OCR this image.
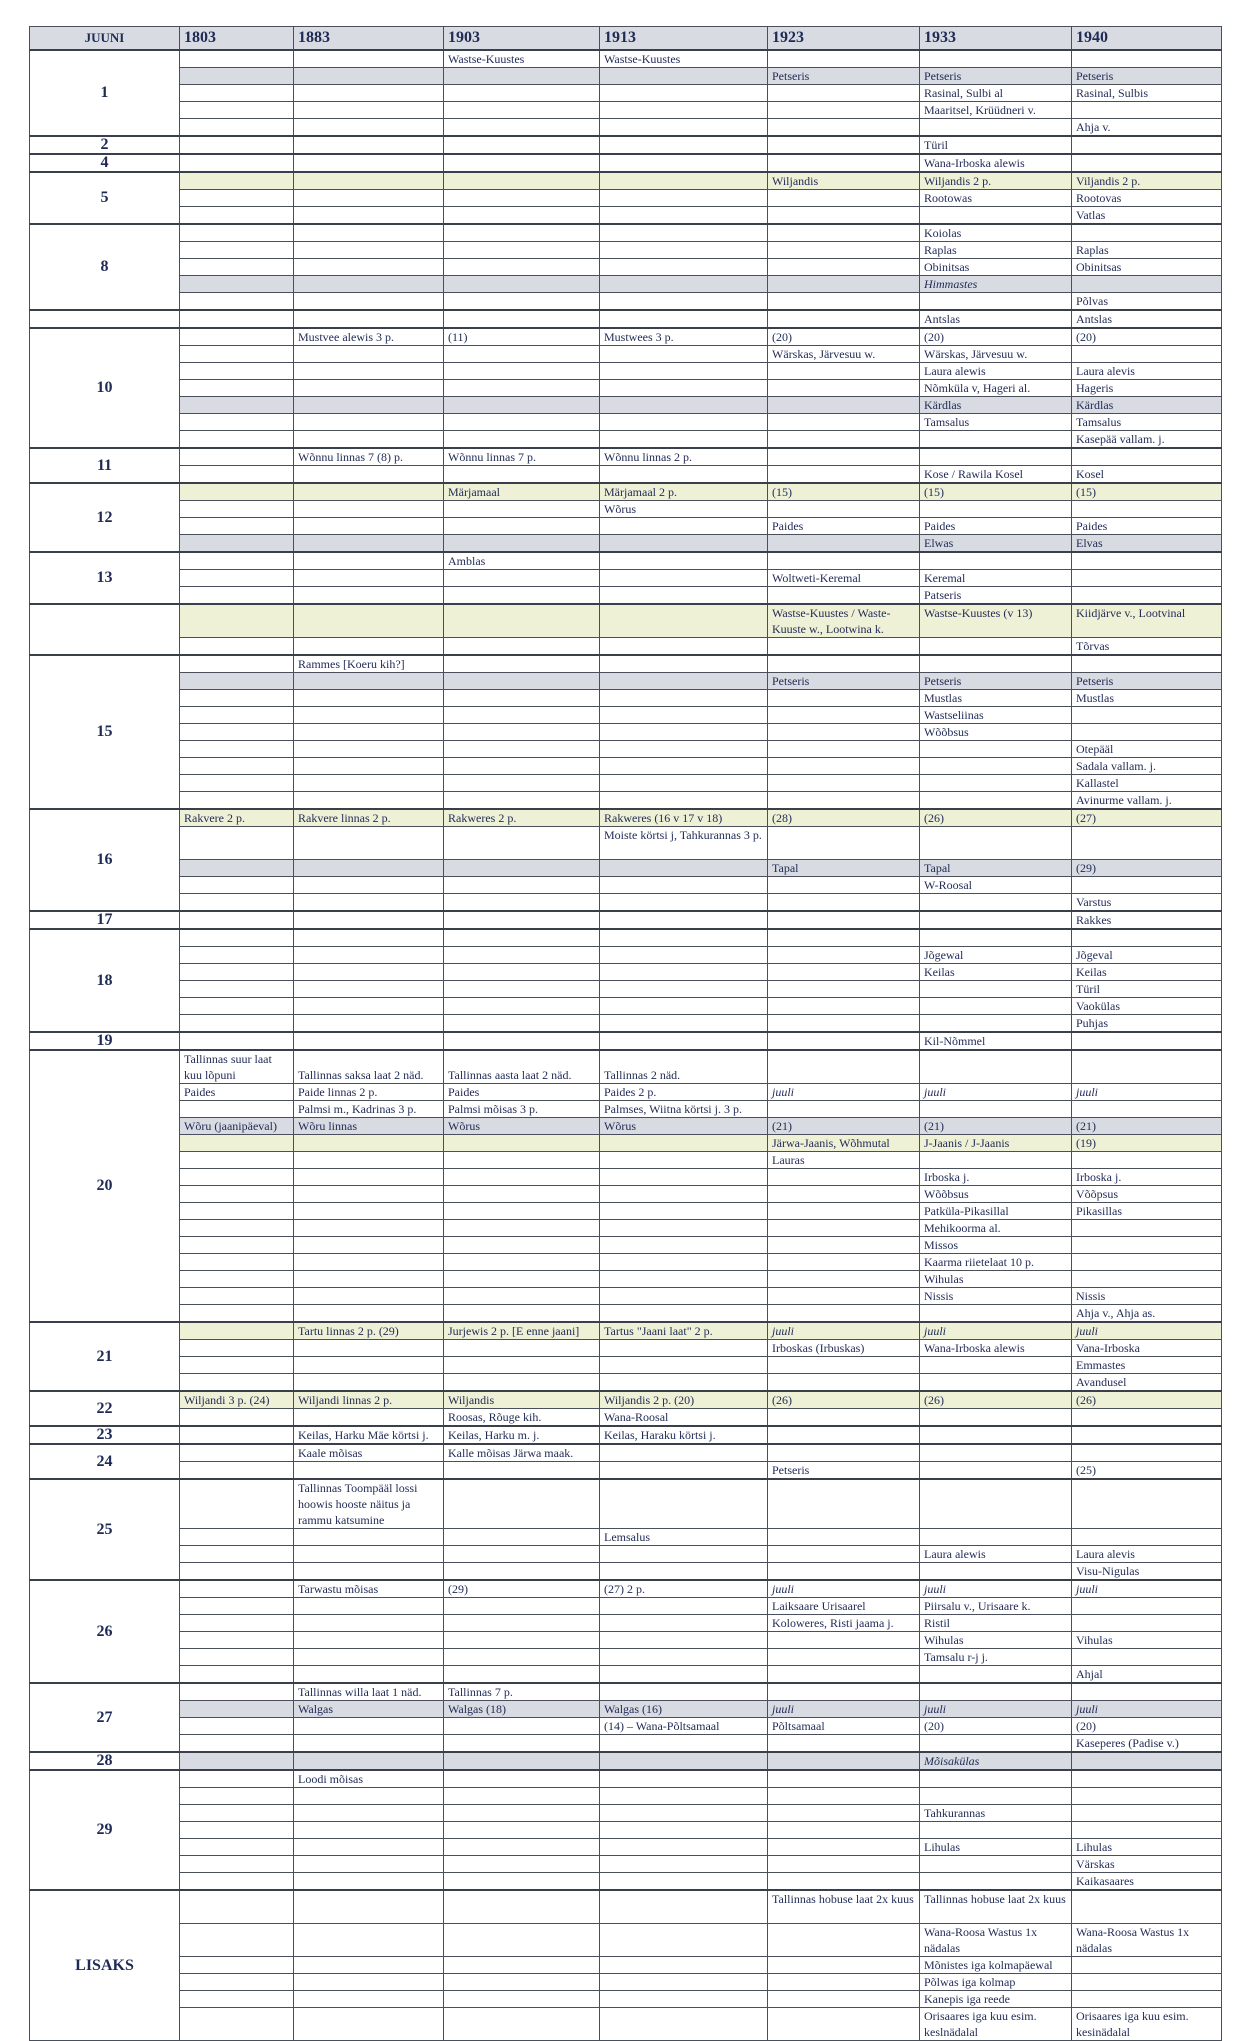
JUUNI	1803	1883	1903	1913	1923	1933	1940
1			Wastse-Kuustes	Wastse-Kuustes			
					Petseris	Petseris	Petseris
						Rasinal, Sulbi al	Rasinal, Sulbis
						Maaritsel, Krüüdneri v.	
							Ahja v.
2						Türil	
4						Wana-Irboska alewis	
5					Wiljandis	Wiljandis 2 p.	Viljandis 2 p.
						Rootowas	Rootovas
							Vatlas
8						Koiolas	
						Raplas	Raplas
						Obinitsas	Obinitsas
						Himmastes	
							Põlvas
						Antslas	Antslas
10		Mustvee alewis 3 p.	(11)	Mustwees 3 p.	(20)	(20)	(20)
					Wärskas, Järvesuu w.	Wärskas, Järvesuu w.	
						Laura alewis	Laura alevis
						Nõmküla v, Hageri al.	Hageris
						Kärdlas	Kärdlas
						Tamsalus	Tamsalus
							Kasepää vallam. j.
11		Wõnnu linnas 7 (8) p.	Wõnnu linnas 7 p.	Wõnnu linnas 2 p.			
						Kose / Rawila Kosel	Kosel
12			Märjamaal	Märjamaal 2 p.	(15)	(15)	(15)
				Wõrus			
					Paides	Paides	Paides
						Elwas	Elvas
13			Amblas				
					Woltweti-Keremal	Keremal	
						Patseris	
					Wastse-Kuustes / Waste-Kuuste w., Lootwina k.	Wastse-Kuustes (v 13)	Kiidjärve v., Lootvinal
							Tõrvas
15		Rammes [Koeru kih?]					
					Petseris	Petseris	Petseris
						Mustlas	Mustlas
						Wastseliinas	
						Wõõbsus	
							Otepääl
							Sadala vallam. j.
							Kallastel
							Avinurme vallam. j.
16	Rakvere 2 p.	Rakvere linnas 2 p.	Rakweres 2 p.	Rakweres (16 v 17 v 18)	(28)	(26)	(27)
				Moiste körtsi j, Tahkurannas 3 p.			
					Tapal	Tapal	(29)
						W-Roosal	
							Varstus
17							Rakkes
18							
						Jõgewal	Jõgeval
						Keilas	Keilas
							Türil
							Vaokülas
							Puhjas
19						Kil-Nõmmel	
20	Tallinnas suur laat kuu lõpuni	Tallinnas saksa laat 2 näd.	Tallinnas aasta laat 2 näd.	Tallinnas 2 näd.			
	Paides	Paide linnas 2 p.	Paides	Paides 2 p.	juuli	juuli	juuli
		Palmsi m., Kadrinas 3 p.	Palmsi mõisas 3 p.	Palmses, Wiitna körtsi j. 3 p.			
	Wõru (jaanipäeval)	Wõru linnas	Wõrus	Wõrus	(21)	(21)	(21)
					Järwa-Jaanis, Wõhmutal	J-Jaanis / J-Jaanis	(19)
					Lauras		
						Irboska j.	Irboska j.
						Wõõbsus	Võõpsus
						Patküla-Pikasillal	Pikasillas
						Mehikoorma al.	
						Missos	
						Kaarma riietelaat 10 p.	
						Wihulas	
						Nissis	Nissis
							Ahja v., Ahja as.
21		Tartu linnas 2 p. (29)	Jurjewis 2 p. [E enne jaani]	Tartus "Jaani laat" 2 p.	juuli	juuli	juuli
					Irboskas (Irbuskas)	Wana-Irboska alewis	Vana-Irboska
							Emmastes
							Avandusel
22	Wiljandi 3 p. (24)	Wiljandi linnas 2 p.	Wiljandis	Wiljandis 2 p. (20)	(26)	(26)	(26)
			Roosas, Rõuge kih.	Wana-Roosal			
23		Keilas, Harku Mäe körtsi j.	Keilas, Harku m. j.	Keilas, Haraku körtsi j.			
24		Kaale mõisas	Kalle mõisas Järwa maak.				
					Petseris		(25)
25		Tallinnas Toompääl lossi hoowis hooste näitus ja rammu katsumine					
				Lemsalus			
						Laura alewis	Laura alevis
							Visu-Nigulas
26		Tarwastu mõisas	(29)	(27) 2 p.	juuli	juuli	juuli
					Laiksaare Urisaarel	Piirsalu v., Urisaare k.	
					Koloweres, Risti jaama j.	Ristil	
						Wihulas	Vihulas
						Tamsalu r-j j.	
							Ahjal
27		Tallinnas willa laat 1 näd.	Tallinnas 7 p.				
		Walgas	Walgas (18)	Walgas (16)	juuli	juuli	juuli
				(14) – Wana-Põltsamaal	Põltsamaal	(20)	(20)
							Kaseperes (Padise v.)
28						Mõisakülas	
29		Loodi mõisas					

						Tahkurannas	

						Lihulas	Lihulas
							Värskas
							Kaikasaares
LISAKS					Tallinnas hobuse laat 2x kuus	Tallinnas hobuse laat 2x kuus	
						Wana-Roosa Wastus 1x nädalas	Wana-Roosa Wastus 1x nädalas
						Mõnistes iga kolmapäewal	
						Põlwas iga kolmap	
						Kanepis iga reede	
						Orisaares iga kuu esim. keslnädalal	Orisaares iga kuu esim. kesinädalal
